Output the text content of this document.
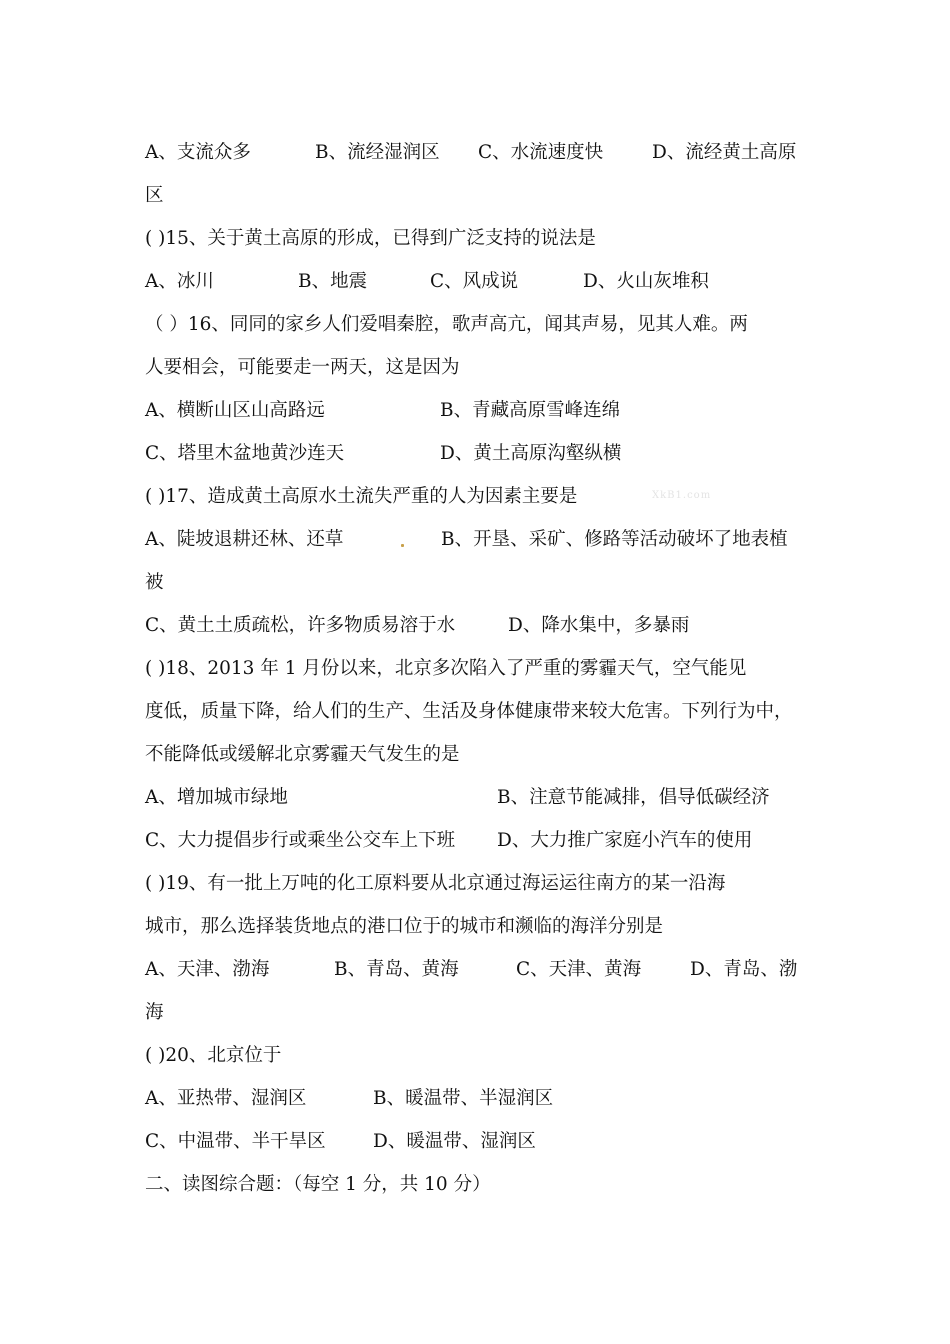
A、支流众多	B、流经湿润区 C、水流速度快	D、流经黄土高原
区
( )15、关于黄土高原的形成，已得到广泛支持的说法是
A、冰川	B、地震	C、风成说	D、火山灰堆积
（ ）16、同同的家乡人们爱唱秦腔，歌声高亢，闻其声易，见其人难。两
人要相会，可能要走一两天，这是因为
A、横断山区山高路远	B、青藏高原雪峰连绵
C、塔里木盆地黄沙连天	D、黄土高原沟壑纵横
( )17、造成黄土高原水土流失严重的人为因素主要是	XkB1.com
A、陡坡退耕还林、还草	B、开垦、采矿、修路等活动破坏了地表植
被
C、黄土土质疏松，许多物质易溶于水	D、降水集中，多暴雨
( )18、2013 年 1 月份以来，北京多次陷入了严重的雾霾天气，空气能见
度低，质量下降，给人们的生产、生活及身体健康带来较大危害。下列行为中，
不能降低或缓解北京雾霾天气发生的是
A、增加城市绿地	B、注意节能减排，倡导低碳经济
C、大力提倡步行或乘坐公交车上下班 D、大力推广家庭小汽车的使用
( )19、有一批上万吨的化工原料要从北京通过海运运往南方的某一沿海
城市，那么选择装货地点的港口位于的城市和濒临的海洋分别是
A、天津、渤海	B、青岛、黄海	C、天津、黄海	D、青岛、渤
海
( )20、北京位于
A、亚热带、湿润区	B、暖温带、半湿润区
C、中温带、半干旱区	D、暖温带、湿润区
二、读图综合题：（每空 1 分，共 10 分）
